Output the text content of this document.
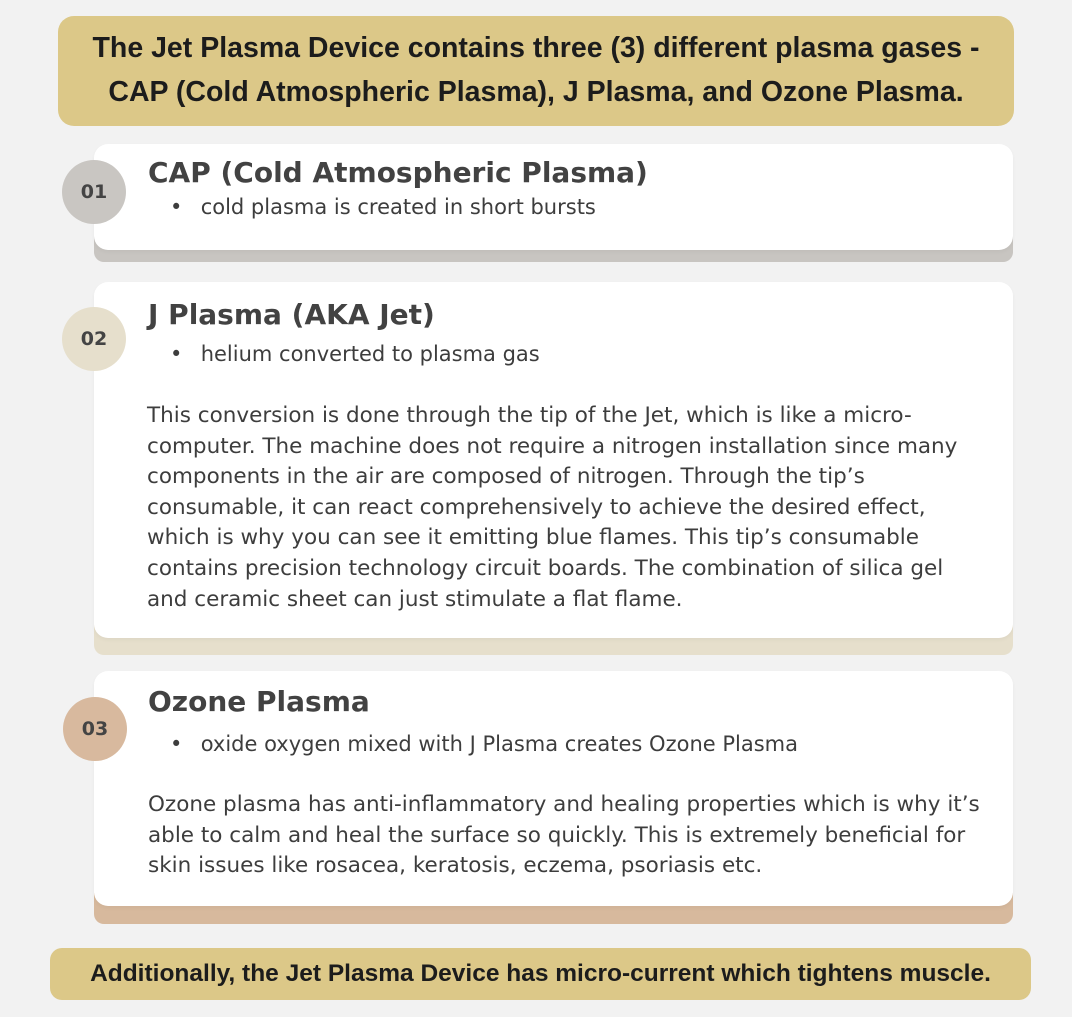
The Jet Plasma Device contains three (3) different plasma gases -
CAP (Cold Atmospheric Plasma), J Plasma, and Ozone Plasma.
CAP (Cold Atmospheric Plasma)
• cold plasma is created in short bursts
01
J Plasma (AKA Jet)
• helium converted to plasma gas
This conversion is done through the tip of the Jet, which is like a micro-computer. The machine does not require a nitrogen installation since many components in the air are composed of nitrogen. Through the tip’s consumable, it can react comprehensively to achieve the desired effect, which is why you can see it emitting blue flames. This tip’s consumable contains precision technology circuit boards. The combination of silica gel and ceramic sheet can just stimulate a flat flame.
02
Ozone Plasma
• oxide oxygen mixed with J Plasma creates Ozone Plasma
Ozone plasma has anti-inflammatory and healing properties which is why it’s able to calm and heal the surface so quickly. This is extremely beneficial for skin issues like rosacea, keratosis, eczema, psoriasis etc.
03
Additionally, the Jet Plasma Device has micro-current which tightens muscle.
